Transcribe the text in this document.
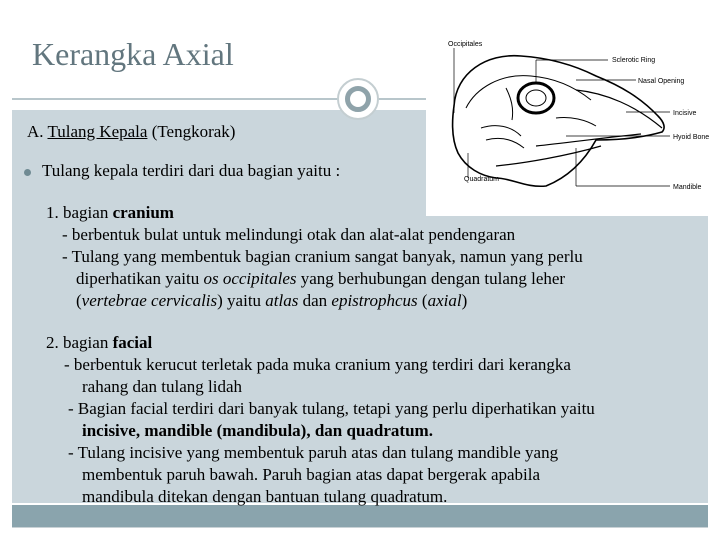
Kerangka Axial	Occipitales
Sclerotic Ring
Nasal Opening
Incisive
Hyoid Bone
Quadratum
Mandible
A. Tulang Kepala (Tengkorak)
Tulang kepala terdiri dari dua bagian yaitu :
1. bagian cranium
- berbentuk bulat untuk melindungi otak dan alat-alat pendengaran
- Tulang yang membentuk bagian cranium sangat banyak, namun yang perlu
diperhatikan yaitu os occipitales yang berhubungan dengan tulang leher
(vertebrae cervicalis) yaitu atlas dan epistrophcus (axial)
2. bagian facial
- berbentuk kerucut terletak pada muka cranium yang terdiri dari kerangka
rahang dan tulang lidah
- Bagian facial terdiri dari banyak tulang, tetapi yang perlu diperhatikan yaitu
incisive, mandible (mandibula), dan quadratum.
- Tulang incisive yang membentuk paruh atas dan tulang mandible yang
membentuk paruh bawah. Paruh bagian atas dapat bergerak apabila
mandibula ditekan dengan bantuan tulang quadratum.
